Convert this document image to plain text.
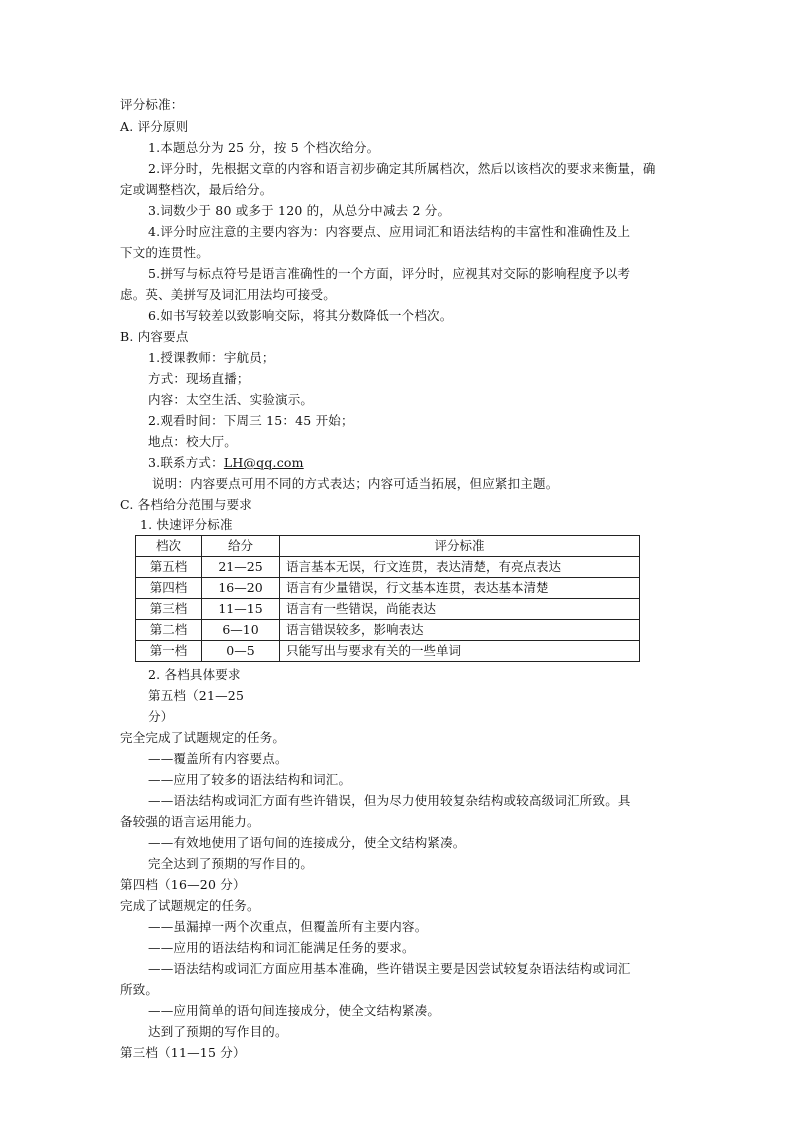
评分标准：
A. 评分原则
1.本题总分为 25 分，按 5 个档次给分。
2.评分时，先根据文章的内容和语言初步确定其所属档次，然后以该档次的要求来衡量，确
定或调整档次，最后给分。
3.词数少于 80 或多于 120 的，从总分中减去 2 分。
4.评分时应注意的主要内容为：内容要点、应用词汇和语法结构的丰富性和准确性及上
下文的连贯性。
5.拼写与标点符号是语言准确性的一个方面，评分时，应视其对交际的影响程度予以考
虑。英、美拼写及词汇用法均可接受。
6.如书写较差以致影响交际，将其分数降低一个档次。
B. 内容要点
1.授课教师：宇航员；
方式：现场直播；
内容：太空生活、实验演示。
2.观看时间：下周三 15：45 开始；
地点：校大厅。
3.联系方式：LH@qq.com
说明：内容要点可用不同的方式表达；内容可适当拓展，但应紧扣主题。
C. 各档给分范围与要求
1. 快速评分标准
档次	给分	评分标准
第五档	21—25	语言基本无误，行文连贯，表达清楚，有亮点表达
第四档	16—20	语言有少量错误，行文基本连贯，表达基本清楚
第三档	11—15	语言有一些错误，尚能表达
第二档	6—10	语言错误较多，影响表达
第一档	0—5	只能写出与要求有关的一些单词
2. 各档具体要求
第五档（21—25
分）
完全完成了试题规定的任务。
——覆盖所有内容要点。
——应用了较多的语法结构和词汇。
——语法结构或词汇方面有些许错误，但为尽力使用较复杂结构或较高级词汇所致。具
备较强的语言运用能力。
——有效地使用了语句间的连接成分，使全文结构紧凑。
完全达到了预期的写作目的。
第四档（16—20 分）
完成了试题规定的任务。
——虽漏掉一两个次重点，但覆盖所有主要内容。
——应用的语法结构和词汇能满足任务的要求。
——语法结构或词汇方面应用基本准确，些许错误主要是因尝试较复杂语法结构或词汇
所致。
——应用简单的语句间连接成分，使全文结构紧凑。
达到了预期的写作目的。
第三档（11—15 分）
